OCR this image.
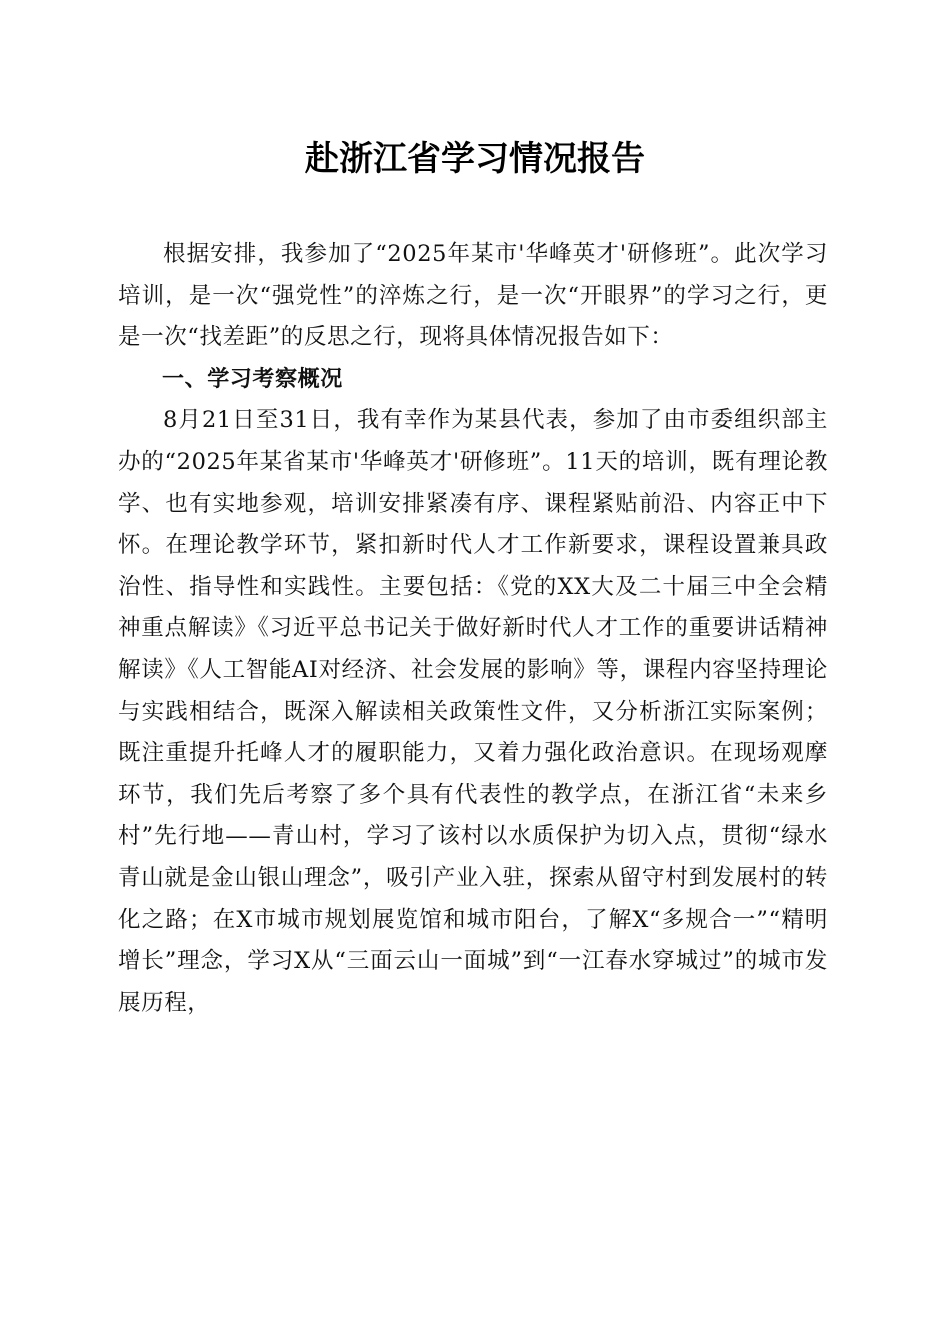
赴浙江省学习情况报告

根据安排，我参加了“2025年某市'华峰英才'研修班”。此次学习培训，是一次“强党性”的淬炼之行，是一次“开眼界”的学习之行，更是一次“找差距”的反思之行，现将具体情况报告如下：

一、学习考察概况

8月21日至31日，我有幸作为某县代表，参加了由市委组织部主办的“2025年某省某市'华峰英才'研修班”。11天的培训，既有理论教学、也有实地参观，培训安排紧凑有序、课程紧贴前沿、内容正中下怀。在理论教学环节，紧扣新时代人才工作新要求，课程设置兼具政治性、指导性和实践性。主要包括：《党的XX大及二十届三中全会精神重点解读》《习近平总书记关于做好新时代人才工作的重要讲话精神解读》《人工智能AI对经济、社会发展的影响》等，课程内容坚持理论与实践相结合，既深入解读相关政策性文件，又分析浙江实际案例；既注重提升托峰人才的履职能力，又着力强化政治意识。在现场观摩环节，我们先后考察了多个具有代表性的教学点，在浙江省“未来乡村”先行地——青山村，学习了该村以水质保护为切入点，贯彻“绿水青山就是金山银山理念”，吸引产业入驻，探索从留守村到发展村的转化之路；在X市城市规划展览馆和城市阳台，了解X“多规合一”“精明增长”理念，学习X从“三面云山一面城”到“一江春水穿城过”的城市发展历程，
